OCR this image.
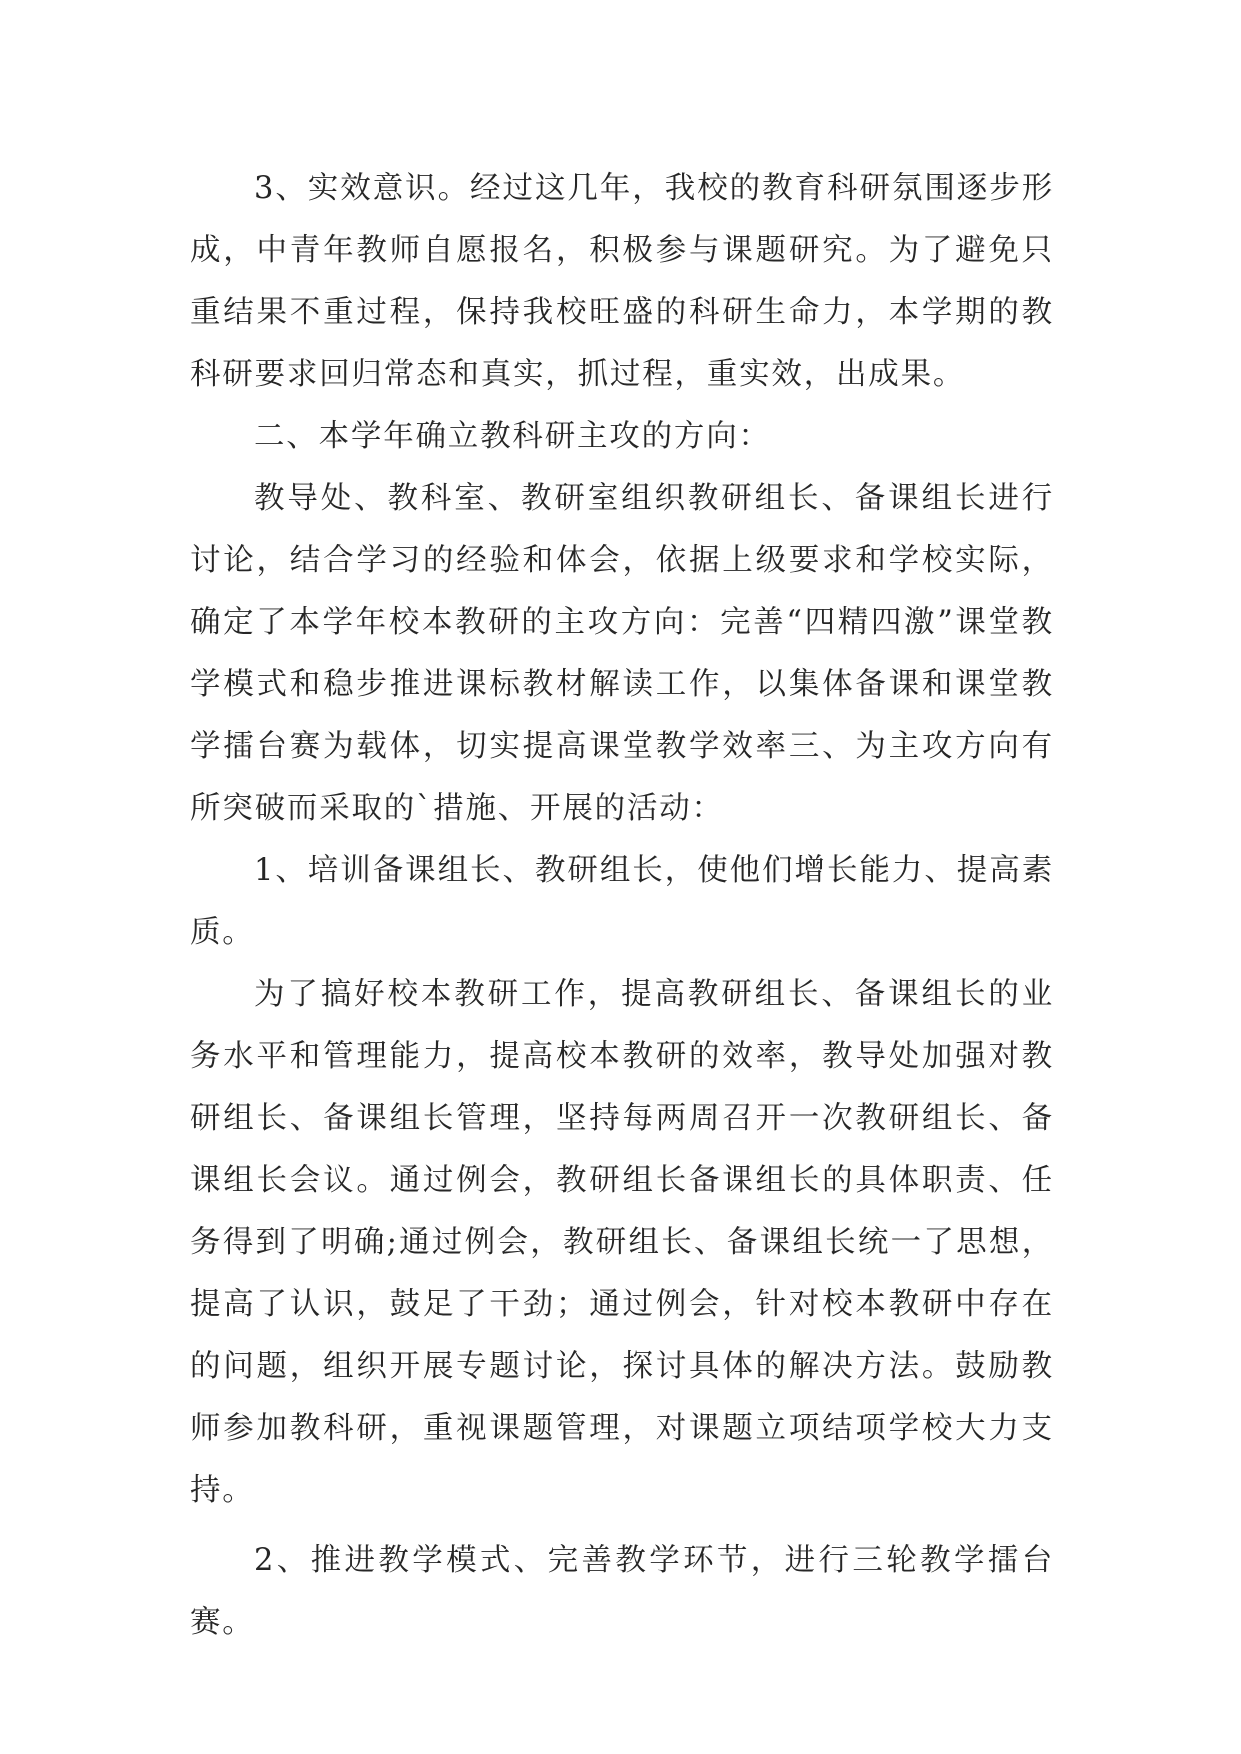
3、实效意识。经过这几年，我校的教育科研氛围逐步形成，中青年教师自愿报名，积极参与课题研究。为了避免只重结果不重过程，保持我校旺盛的科研生命力，本学期的教科研要求回归常态和真实，抓过程，重实效，出成果。

二、本学年确立教科研主攻的方向：

教导处、教科室、教研室组织教研组长、备课组长进行讨论，结合学习的经验和体会，依据上级要求和学校实际，确定了本学年校本教研的主攻方向：完善“四精四激”课堂教学模式和稳步推进课标教材解读工作，以集体备课和课堂教学擂台赛为载体，切实提高课堂教学效率三、为主攻方向有所突破而采取的`措施、开展的活动：

1、培训备课组长、教研组长，使他们增长能力、提高素质。

为了搞好校本教研工作，提高教研组长、备课组长的业务水平和管理能力，提高校本教研的效率，教导处加强对教研组长、备课组长管理，坚持每两周召开一次教研组长、备课组长会议。通过例会，教研组长备课组长的具体职责、任务得到了明确;通过例会，教研组长、备课组长统一了思想，提高了认识，鼓足了干劲；通过例会，针对校本教研中存在的问题，组织开展专题讨论，探讨具体的解决方法。鼓励教师参加教科研，重视课题管理，对课题立项结项学校大力支持。

2、推进教学模式、完善教学环节，进行三轮教学擂台赛。
